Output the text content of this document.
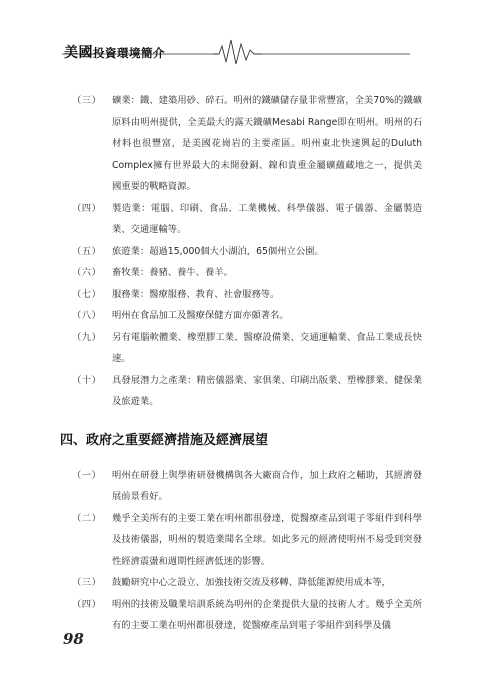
美國投資環境簡介
（三）	礦業：鐵、建築用砂、碎石。明州的鐵礦儲存量非常豐富，全美70%的鐵礦原料由明州提供，全美最大的露天鐵礦Mesabi Range即在明州。明州的石材料也很豐富，是美國花崗岩的主要產區。明州東北快速興起的Duluth Complex擁有世界最大的未開發銅、鎳和貴重金屬礦蘊藏地之一，提供美國重要的戰略資源。
（四）	製造業：電腦、印刷、食品、工業機械、科學儀器、電子儀器、金屬製造業、交通運輸等。
（五）	旅遊業：超過15,000個大小湖泊，65個州立公園。
（六）	畜牧業：養豬、養牛、養羊。
（七）	服務業：醫療服務、教育、社會服務等。
（八）	明州在食品加工及醫療保健方面亦頗著名。
（九）	另有電腦軟體業、橡塑膠工業、醫療設備業、交通運輸業、食品工業成長快速。
（十）	具發展潛力之產業：精密儀器業、家俱業、印刷出版業、塑橡膠業、健保業及旅遊業。
四、政府之重要經濟措施及經濟展望
（一）	明州在研發上與學術研發機構與各大廠商合作，加上政府之輔助，其經濟發展前景看好。
（二）	幾乎全美所有的主要工業在明州都很發達，從醫療產品到電子零組件到科學及技術儀器，明州的製造業聞名全球。如此多元的經濟使明州不易受到突發性經濟震盪和週期性經濟低迷的影響。
（三）	鼓勵研究中心之設立、加強技術交流及移轉、降低能源使用成本等，
（四）	明州的技術及職業培訓系統為明州的企業提供大量的技術人才。幾乎全美所有的主要工業在明州都很發達，從醫療產品到電子零組件到科學及儀
98
